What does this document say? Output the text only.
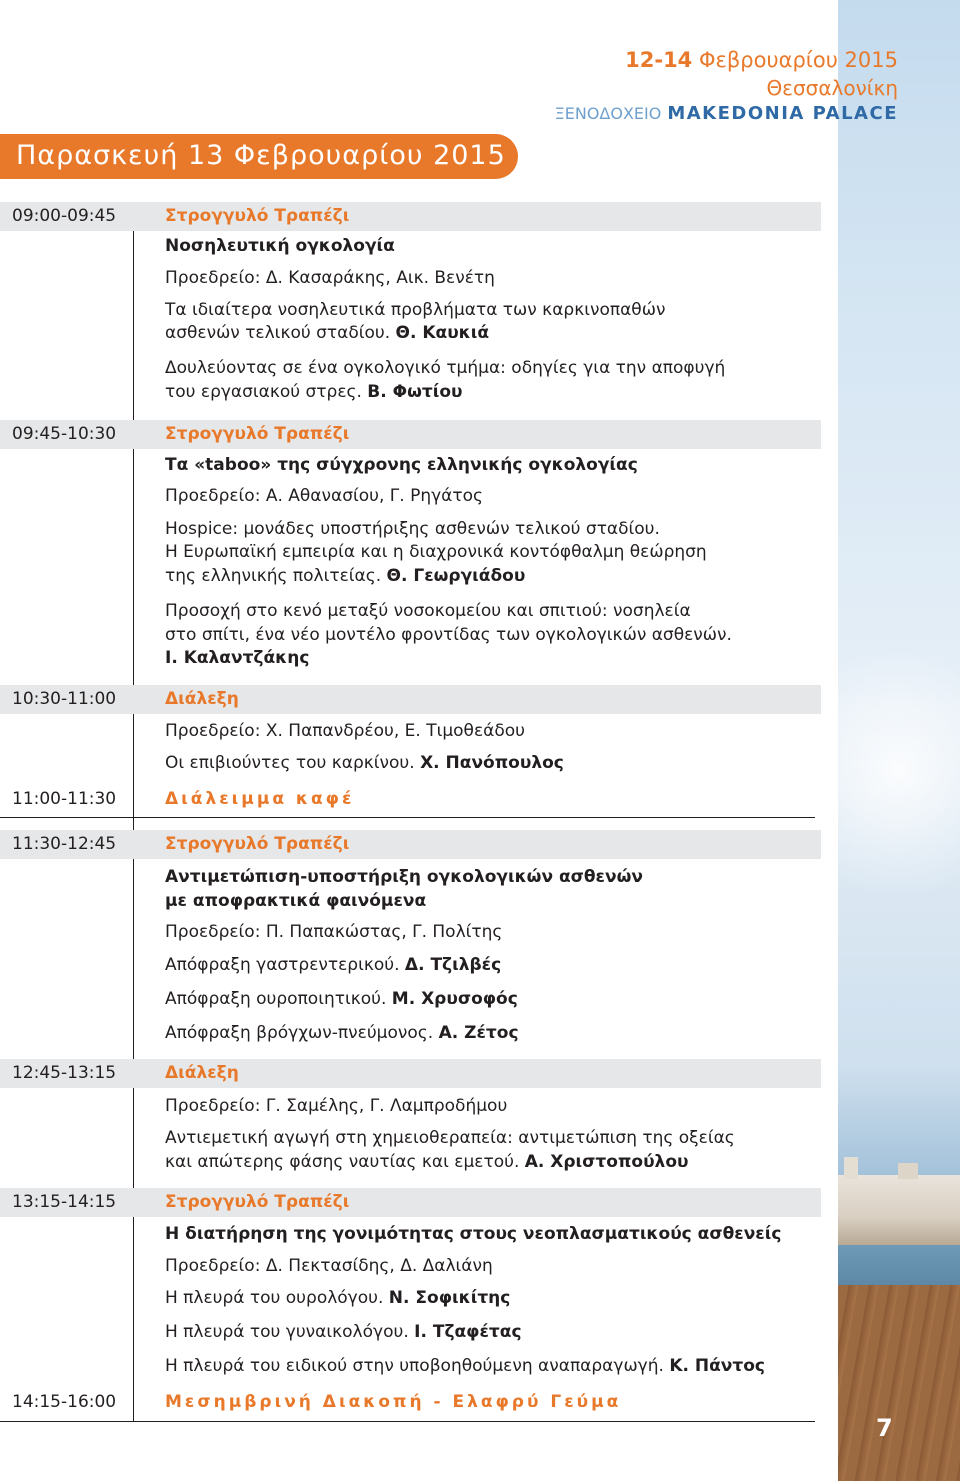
7
12-14 Φεβρουαρίου 2015
Θεσσαλονίκη
ΞΕΝΟΔΟΧΕΙΟ MAKEDONIA PALACE
Παρασκευή 13 Φεβρουαρίου 2015
09:00-09:45	Στρογγυλό Τραπέζι
Νοσηλευτική ογκολογία
Προεδρείο: Δ. Κασαράκης, Αικ. Βενέτη
Τα ιδιαίτερα νοσηλευτικά προβλήματα των καρκινοπαθών
ασθενών τελικού σταδίου. Θ. Καυκιά
Δουλεύοντας σε ένα ογκολογικό τμήμα: οδηγίες για την αποφυγή
του εργασιακού στρες. Β. Φωτίου
09:45-10:30	Στρογγυλό Τραπέζι
Τα «taboo» της σύγχρονης ελληνικής ογκολογίας
Προεδρείο: Α. Αθανασίου, Γ. Ρηγάτος
Hospice: μονάδες υποστήριξης ασθενών τελικού σταδίου.
Η Ευρωπαϊκή εμπειρία και η διαχρονικά κοντόφθαλμη θεώρηση
της ελληνικής πολιτείας. Θ. Γεωργιάδου
Προσοχή στο κενό μεταξύ νοσοκομείου και σπιτιού: νοσηλεία
στο σπίτι, ένα νέο μοντέλο φροντίδας των ογκολογικών ασθενών.
Ι. Καλαντζάκης
10:30-11:00	Διάλεξη
Προεδρείο: Χ. Παπανδρέου, Ε. Τιμοθεάδου
Οι επιβιούντες του καρκίνου. Χ. Πανόπουλος
11:00-11:30	Διάλειμμα καφέ
11:30-12:45	Στρογγυλό Τραπέζι
Αντιμετώπιση-υποστήριξη ογκολογικών ασθενών
με αποφρακτικά φαινόμενα
Προεδρείο: Π. Παπακώστας, Γ. Πολίτης
Απόφραξη γαστρεντερικού. Δ. Τζιλβές
Απόφραξη ουροποιητικού. Μ. Χρυσοφός
Απόφραξη βρόγχων-πνεύμονος. Α. Ζέτος
12:45-13:15	Διάλεξη
Προεδρείο: Γ. Σαμέλης, Γ. Λαμπροδήμου
Αντιεμετική αγωγή στη χημειοθεραπεία: αντιμετώπιση της οξείας
και απώτερης φάσης ναυτίας και εμετού. Α. Χριστοπούλου
13:15-14:15	Στρογγυλό Τραπέζι
Η διατήρηση της γονιμότητας στους νεοπλασματικούς ασθενείς
Προεδρείο: Δ. Πεκτασίδης, Δ. Δαλιάνη
Η πλευρά του ουρολόγου. Ν. Σοφικίτης
Η πλευρά του γυναικολόγου. Ι. Τζαφέτας
Η πλευρά του ειδικού στην υποβοηθούμενη αναπαραγωγή. Κ. Πάντος
14:15-16:00	Μεσημβρινή Διακοπή - Ελαφρύ Γεύμα
